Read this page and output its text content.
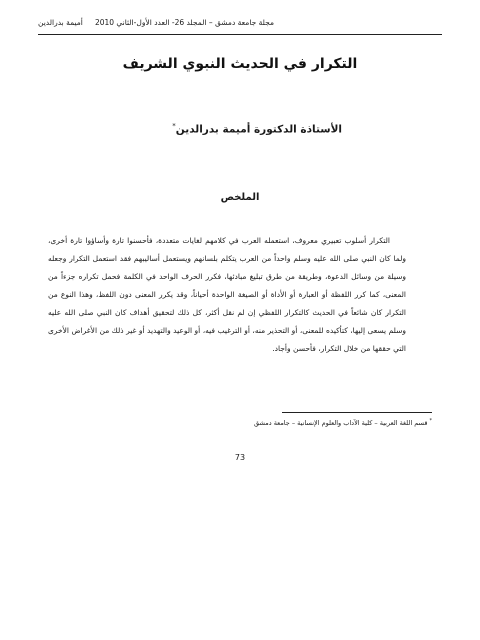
مجلة جامعة دمشق – المجلد 26- العدد الأول-الثاني 2010
أميمة بدرالدين
التكرار في الحديث النبوي الشريف
الأستاذة الدكتورة أميمة بدرالدين*
الملخص

التكرار أسلوب تعبيري معروف، استعمله العرب في كلامهم لغايات متعددة، فأحسنوا تارة وأساؤوا تارة أخرى، ولما كان النبي صلى الله عليه وسلم واحداً من العرب يتكلم بلسانهم ويستعمل أساليبهم فقد استعمل التكرار وجعله وسيلة من وسائل الدعوة، وطريقة من طرق تبليغ مبادئها، فكرر الحرف الواحد في الكلمة فحمل تكراره جزءاً من المعنى، كما كرر اللفظة أو العبارة أو الأداة أو الصيغة الواحدة أحياناً، وقد يكرر المعنى دون اللفظ، وهذا النوع من التكرار كان شائعاً في الحديث كالتكرار اللفظي إن لم نقل أكثر، كل ذلك لتحقيق أهداف كان النبي صلى الله عليه وسلم يسعى إليها، كتأكيده للمعنى، أو التحذير منه، أو الترغيب فيه، أو الوعيد والتهديد أو غير ذلك من الأغراض الأخرى التي حققها من خلال التكرار، فأحسن وأجاد.

* قسم اللغة العربية – كلية الآداب والعلوم الإنسانية – جامعة دمشق
73
